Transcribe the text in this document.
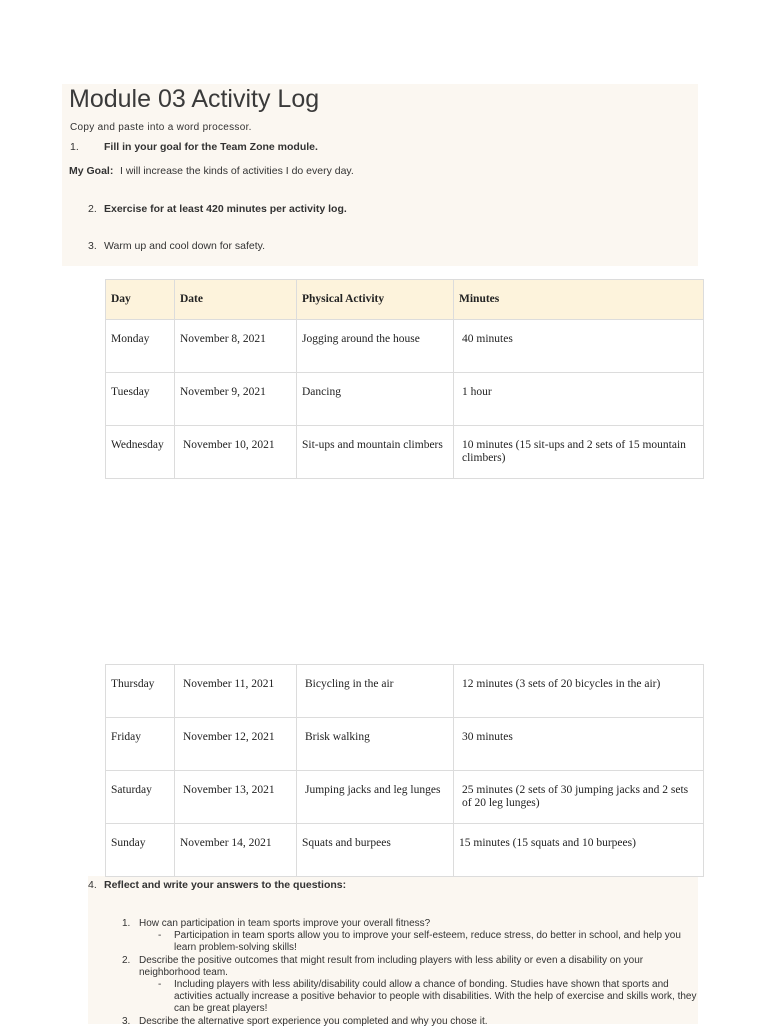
Module 03 Activity Log
Copy and paste into a word processor.
1. Fill in your goal for the Team Zone module.
My Goal: I will increase the kinds of activities I do every day.
2. Exercise for at least 420 minutes per activity log.
3. Warm up and cool down for safety.
Day	Date	Physical Activity	Minutes
Monday	November 8, 2021	Jogging around the house	40 minutes
Tuesday	November 9, 2021	Dancing	1 hour
Wednesday	November 10, 2021	Sit-ups and mountain climbers	10 minutes (15 sit-ups and 2 sets of 15 mountain climbers)
Thursday	November 11, 2021	Bicycling in the air	12 minutes (3 sets of 20 bicycles in the air)
Friday	November 12, 2021	Brisk walking	30 minutes
Saturday	November 13, 2021	Jumping jacks and leg lunges	25 minutes (2 sets of 30 jumping jacks and 2 sets of 20 leg lunges)
Sunday	November 14, 2021	Squats and burpees	15 minutes (15 squats and 10 burpees)
4. Reflect and write your answers to the questions:
1. How can participation in team sports improve your overall fitness?
- Participation in team sports allow you to improve your self-esteem, reduce stress, do better in school, and help you learn problem-solving skills!
2. Describe the positive outcomes that might result from including players with less ability or even a disability on your neighborhood team.
- Including players with less ability/disability could allow a chance of bonding. Studies have shown that sports and activities actually increase a positive behavior to people with disabilities. With the help of exercise and skills work, they can be great players!
3. Describe the alternative sport experience you completed and why you chose it.
